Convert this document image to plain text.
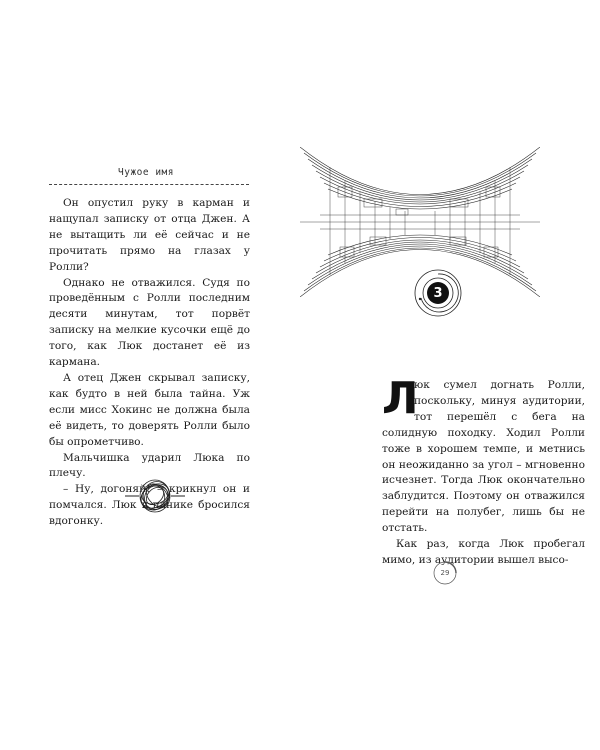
Чужое имя

Он опустил руку в карман и нащупал записку от отца Джен. А не вытащить ли её сейчас и не прочитать прямо на глазах у Ролли?

Однако не отважился. Судя по проведённым с Ролли последним десяти минутам, тот порвёт записку на мелкие кусочки ещё до того, как Люк достанет её из кармана.

А отец Джен скрывал записку, как будто в ней была тайна. Уж если мисс Хокинс не должна была её видеть, то доверять Ролли было бы опрометчиво.

Мальчишка ударил Люка по плечу.

– Ну, догоняй! – крикнул он и помчался. Люк в панике бросился вдогонку.

3

Л
юк сумел догнать Ролли, поскольку, минуя аудитории, тот перешёл с бега на солидную походку. Ходил Ролли тоже в хорошем темпе, и метнись он неожиданно за угол – мгновенно исчезнет. Тогда Люк окончательно заблудится. Поэтому он отважился перейти на полубег, лишь бы не отстать.

Как раз, когда Люк пробегал мимо, из аудитории вышел высо-

29
